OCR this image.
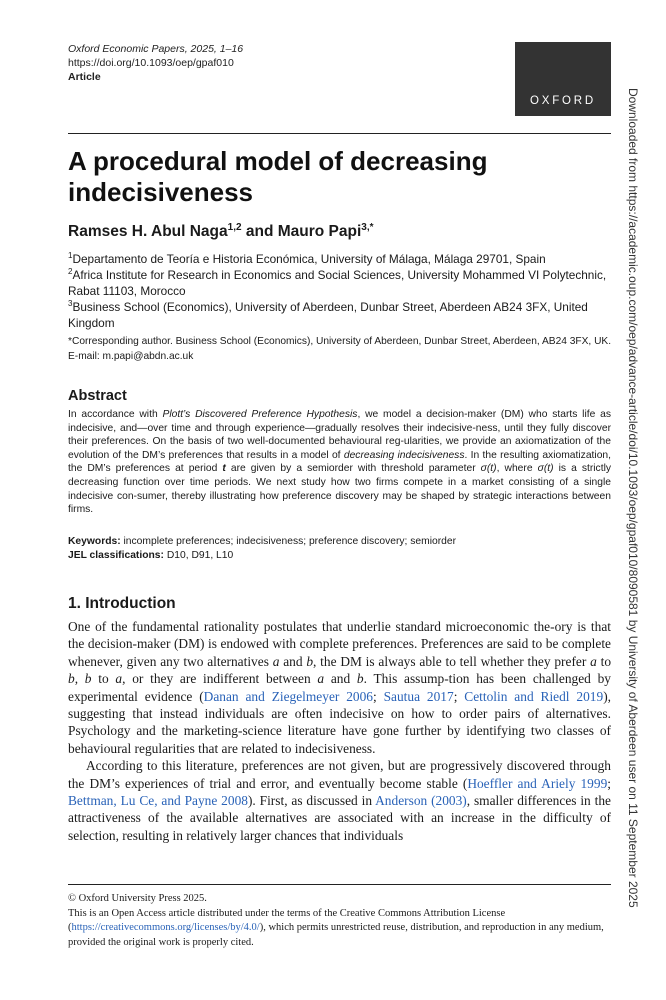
Oxford Economic Papers, 2025, 1–16
https://doi.org/10.1093/oep/gpaf010
Article
OXFORD
A procedural model of decreasing indecisiveness

Ramses H. Abul Naga$^{1,2}$ and Mauro Papi$^{3,*}$

$^1$Departamento de Teoría e Historia Económica, University of Málaga, Málaga 29701, Spain

$^2$Africa Institute for Research in Economics and Social Sciences, University Mohammed VI Polytechnic, Rabat 11103, Morocco

$^3$Business School (Economics), University of Aberdeen, Dunbar Street, Aberdeen AB24 3FX, United Kingdom

*Corresponding author. Business School (Economics), University of Aberdeen, Dunbar Street, Aberdeen, AB24 3FX, UK. E-mail: m.papi@abdn.ac.uk

Abstract

In accordance with Plott’s Discovered Preference Hypothesis, we model a decision-maker (DM) who starts life as indecisive, and—over time and through experience—gradually resolves their indecisive-ness, until they fully discover their preferences. On the basis of two well-documented behavioural reg-ularities, we provide an axiomatization of the evolution of the DM’s preferences that results in a model of decreasing indecisiveness. In the resulting axiomatization, the DM’s preferences at period t are given by a semiorder with threshold parameter σ(t), where σ(t) is a strictly decreasing function over time periods. We next study how two firms compete in a market consisting of a single indecisive con-sumer, thereby illustrating how preference discovery may be shaped by strategic interactions between firms.

Keywords: incomplete preferences; indecisiveness; preference discovery; semiorder

JEL classifications: D10, D91, L10

1. Introduction

One of the fundamental rationality postulates that underlie standard microeconomic the-ory is that the decision-maker (DM) is endowed with complete preferences. Preferences are said to be complete whenever, given any two alternatives a and b, the DM is always able to tell whether they prefer a to b, b to a, or they are indifferent between a and b. This assump-tion has been challenged by experimental evidence (Danan and Ziegelmeyer 2006; Sautua 2017; Cettolin and Riedl 2019), suggesting that instead individuals are often indecisive on how to order pairs of alternatives. Psychology and the marketing-science literature have gone further by identifying two classes of behavioural regularities that are related to indecisiveness.

According to this literature, preferences are not given, but are progressively discovered through the DM’s experiences of trial and error, and eventually become stable (Hoeffler and Ariely 1999; Bettman, Lu Ce, and Payne 2008). First, as discussed in Anderson (2003), smaller differences in the attractiveness of the available alternatives are associated with an increase in the difficulty of selection, resulting in relatively larger chances that individuals

© Oxford University Press 2025.

This is an Open Access article distributed under the terms of the Creative Commons Attribution License (https://creativecommons.org/licenses/by/4.0/), which permits unrestricted reuse, distribution, and reproduction in any medium, provided the original work is properly cited.

Downloaded from https://academic.oup.com/oep/advance-article/doi/10.1093/oep/gpaf010/8090581 by University of Aberdeen user on 11 September 2025
